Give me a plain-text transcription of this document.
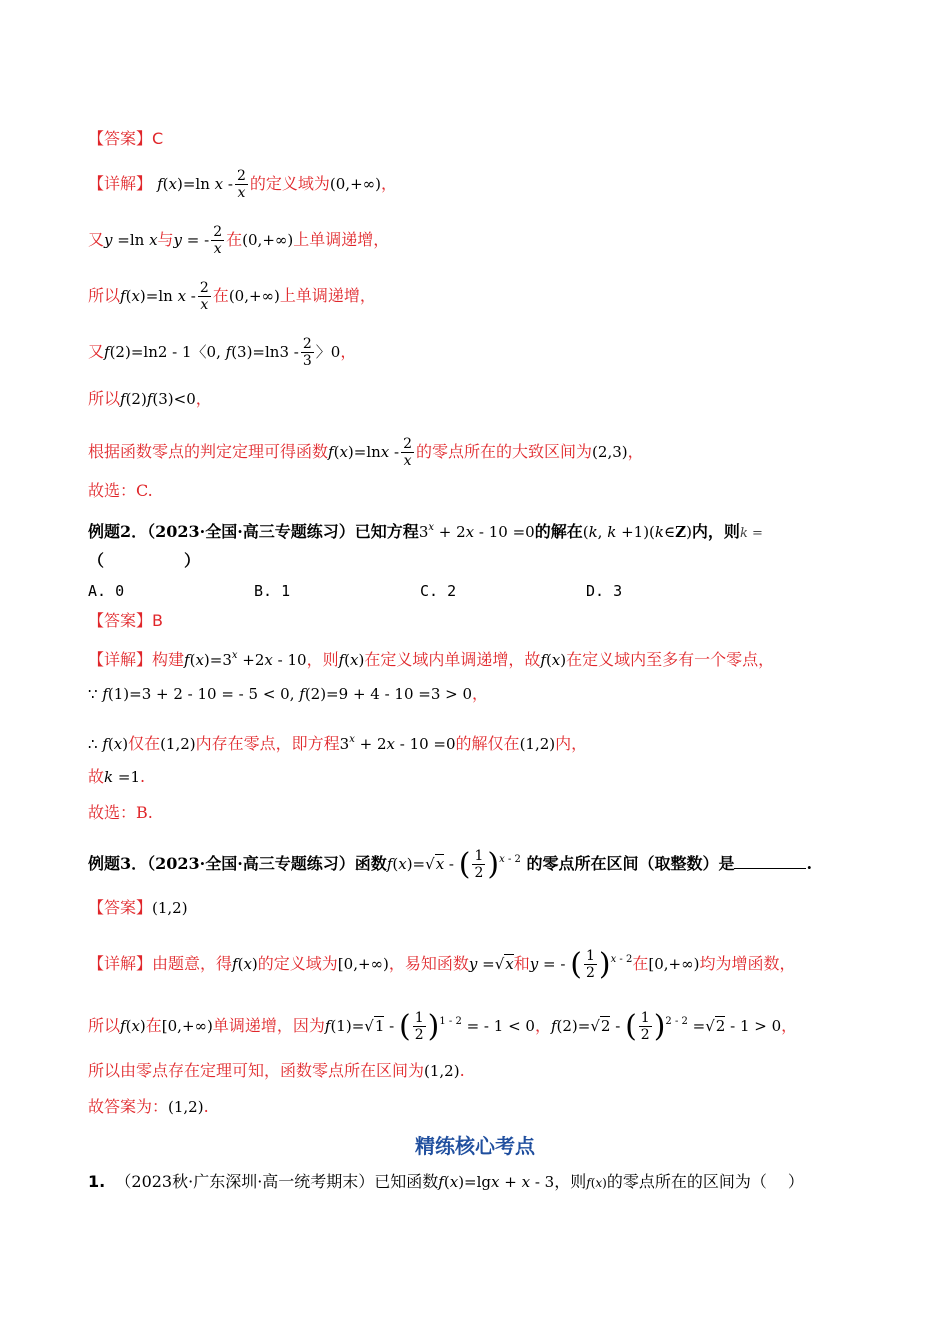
【答案】C
【详解】 f(x)=ln x - $\frac{2}{x}$ 的定义域为(0,+∞)，
又y =ln x与y = - $\frac{2}{x}$ 在(0,+∞)上单调递增，
所以f(x)=ln x - $\frac{2}{x}$ 在(0,+∞)上单调递增，
又f(2)=ln2 - 1〈0, $f(3)=\ln 3 - \frac{2}{3}$ 〉0，
所以f(2)f(3)<0，
根据函数零点的判定定理可得函数$f(x)=\ln x - \frac{2}{x}$ 的零点所在的大致区间为(2,3)，
故选：C.
例题2．（2023·全国·高三专题练习）已知方程$3^x + 2x - 10 =0$的解在(k, k +1)(k∈Z)内，则k =
（　　　　　）
A. 0	B. 1	C. 2	D. 3
【答案】B
【详解】构建$f(x)=3^x +2x - 10$，则f(x)在定义域内单调递增，故f(x)在定义域内至多有一个零点，
∵ f(1)=3 + 2 - 10 = - 5 < 0, f(2)=9 + 4 - 10 =3 > 0，
∴ f(x)仅在(1,2)内存在零点，即方程$3^x + 2x - 10 =0$的解仅在(1,2)内，
故k =1.
故选：B.
例题3．（2023·全国·高三专题练习）函数f(x)=√x - ( $\frac{1}{2} )^{x - 2}$ 的零点所在区间（取整数）是	.
【答案】(1,2)
【详解】由题意，得f(x)的定义域为[0,+∞)，易知函数y =√x和y = - ( $\frac{1}{2} )^{x - 2}$在[0,+∞)均为增函数，
所以f(x)在[0,+∞)单调递增，因为f(1)=√1 - ( $\frac{1}{2} )^{1 - 2}$ = - 1 < 0，f(2)=√2 - ( $\frac{1}{2} )^{2 - 2} =√2 - 1 > 0$，
所以由零点存在定理可知，函数零点所在区间为(1,2).
故答案为：(1,2).
精练核心考点
1. （2023秋·广东深圳·高一统考期末）已知函数f(x)=lgx + x - 3，则f(x)的零点所在的区间为（　 ）
